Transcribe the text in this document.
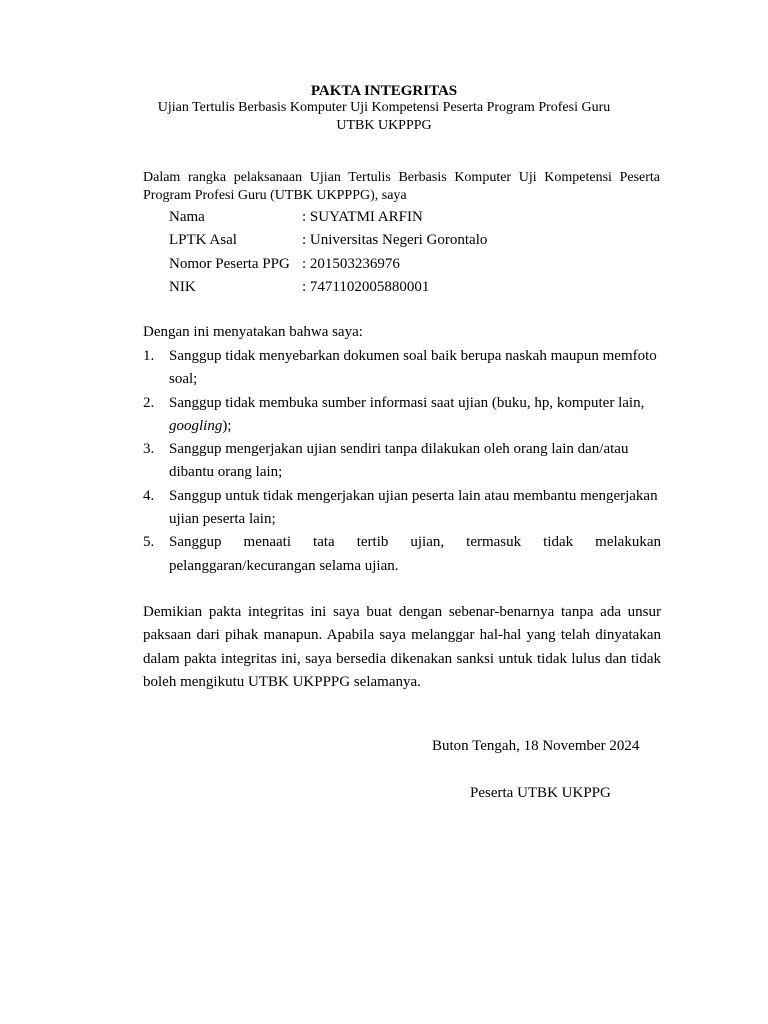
PAKTA INTEGRITAS
Ujian Tertulis Berbasis Komputer Uji Kompetensi Peserta Program Profesi Guru
UTBK UKPPPG
Dalam rangka pelaksanaan Ujian Tertulis Berbasis Komputer Uji Kompetensi Peserta Program Profesi Guru (UTBK UKPPPG), saya
Nama	: SUYATMI ARFIN
LPTK Asal	: Universitas Negeri Gorontalo
Nomor Peserta PPG : 201503236976
NIK	: 7471102005880001
Dengan ini menyatakan bahwa saya:
1. Sanggup tidak menyebarkan dokumen soal baik berupa naskah maupun memfoto
soal;
2. Sanggup tidak membuka sumber informasi saat ujian (buku, hp, komputer lain,
googling);
3. Sanggup mengerjakan ujian sendiri tanpa dilakukan oleh orang lain dan/atau
dibantu orang lain;
4. Sanggup untuk tidak mengerjakan ujian peserta lain atau membantu mengerjakan
ujian peserta lain;
5. Sanggup menaati tata tertib ujian, termasuk tidak melakukan
pelanggaran/kecurangan selama ujian.
Demikian pakta integritas ini saya buat dengan sebenar-benarnya tanpa ada unsur paksaan dari pihak manapun. Apabila saya melanggar hal-hal yang telah dinyatakan dalam pakta integritas ini, saya bersedia dikenakan sanksi untuk tidak lulus dan tidak boleh mengikutu UTBK UKPPPG selamanya.
Buton Tengah, 18 November 2024
Peserta UTBK UKPPG
